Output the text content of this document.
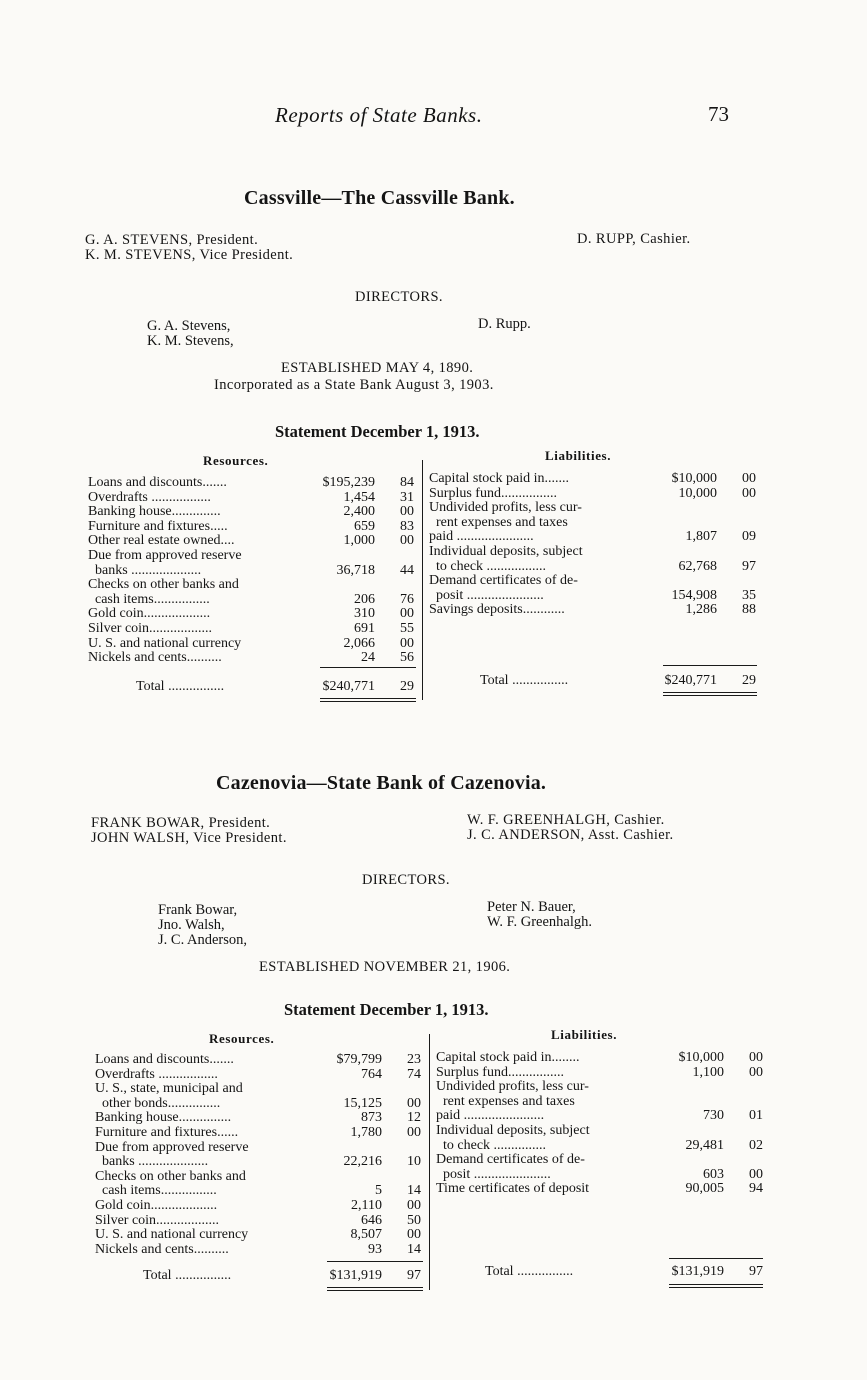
Reports of State Banks.	73
Cassville—The Cassville Bank.
G. A. STEVENS, President.
K. M. STEVENS, Vice President.
D. RUPP, Cashier.
DIRECTORS.
G. A. Stevens,
K. M. Stevens,
D. Rupp.
ESTABLISHED MAY 4, 1890.
Incorporated as a State Bank August 3, 1903.
Statement December 1, 1913.
Resources.	Liabilities.
Loans and discounts.......	$195,239	84
Overdrafts .................	1,454	31
Banking house..............	2,400	00
Furniture and fixtures.....	659	83
Other real estate owned....	1,000	00
Due from approved reserve
banks ....................	36,718	44
Checks on other banks and
cash items................	206	76
Gold coin...................	310	00
Silver coin..................	691	55
U. S. and national currency	2,066	00
Nickels and cents..........	24	56
Capital stock paid in.......	$10,000	00
Surplus fund................	10,000	00
Undivided profits, less cur-
rent expenses and taxes
paid ......................	1,807	09
Individual deposits, subject
to check .................	62,768	97
Demand certificates of de-
posit ......................	154,908	35
Savings deposits............	1,286	88
Total ................	$240,771	29	Total ................	$240,771	29
Cazenovia—State Bank of Cazenovia.
FRANK BOWAR, President.
JOHN WALSH, Vice President.
W. F. GREENHALGH, Cashier.
J. C. ANDERSON, Asst. Cashier.
DIRECTORS.
Frank Bowar,
Jno. Walsh,
J. C. Anderson,
Peter N. Bauer,
W. F. Greenhalgh.
ESTABLISHED NOVEMBER 21, 1906.
Statement December 1, 1913.
Resources.	Liabilities.
Loans and discounts.......	$79,799	23
Overdrafts .................	764	74
U. S., state, municipal and
other bonds...............	15,125	00
Banking house...............	873	12
Furniture and fixtures......	1,780	00
Due from approved reserve
banks ....................	22,216	10
Checks on other banks and
cash items................	5	14
Gold coin...................	2,110	00
Silver coin..................	646	50
U. S. and national currency	8,507	00
Nickels and cents..........	93	14
Capital stock paid in........	$10,000	00
Surplus fund................	1,100	00
Undivided profits, less cur-
rent expenses and taxes
paid .......................	730	01
Individual deposits, subject
to check ...............	29,481	02
Demand certificates of de-
posit ......................	603	00
Time certificates of deposit	90,005	94
Total ................	$131,919	97	Total ................	$131,919	97
